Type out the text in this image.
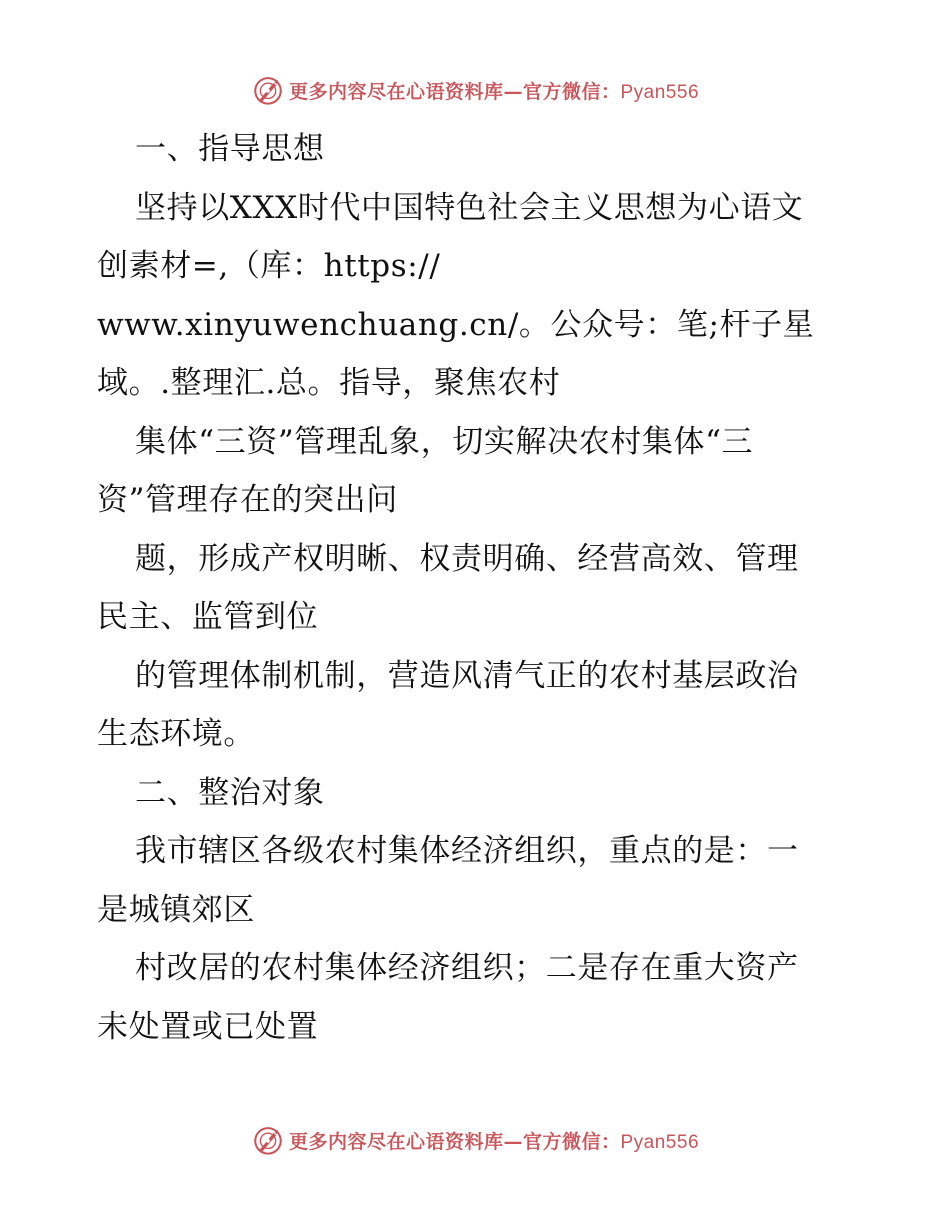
更多内容尽在心语资料库—官方微信：Pyan556
一、指导思想
坚持以XXX时代中国特色社会主义思想为心语文
创素材=,（库：https://
www.xinyuwenchuang.cn/。公众号：笔;杆子星
域。.整理汇.总。指导，聚焦农村
集体“三资”管理乱象，切实解决农村集体“三
资”管理存在的突出问
题，形成产权明晰、权责明确、经营高效、管理
民主、监管到位
的管理体制机制，营造风清气正的农村基层政治
生态环境。
二、整治对象
我市辖区各级农村集体经济组织，重点的是：一
是城镇郊区
村改居的农村集体经济组织；二是存在重大资产
未处置或已处置
更多内容尽在心语资料库—官方微信：Pyan556
